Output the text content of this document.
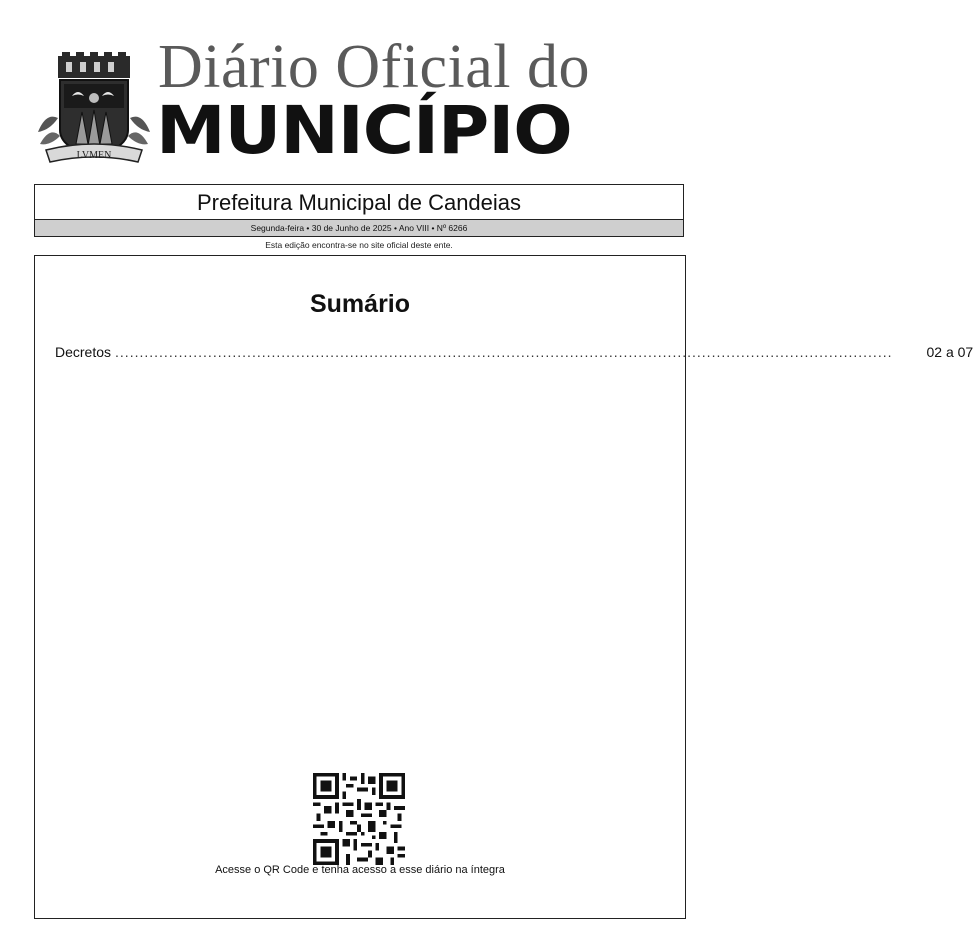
LVMEN
Diário Oficial do
MUNICÍPIO
Prefeitura Municipal de Candeias
Segunda-feira • 30 de Junho de 2025 • Ano VIII • Nº 6266
Esta edição encontra-se no site oficial deste ente.
Sumário
Decretos ............................................................................................................................................................... 02 a 07
Acesse o QR Code e tenha acesso a esse diário na íntegra
